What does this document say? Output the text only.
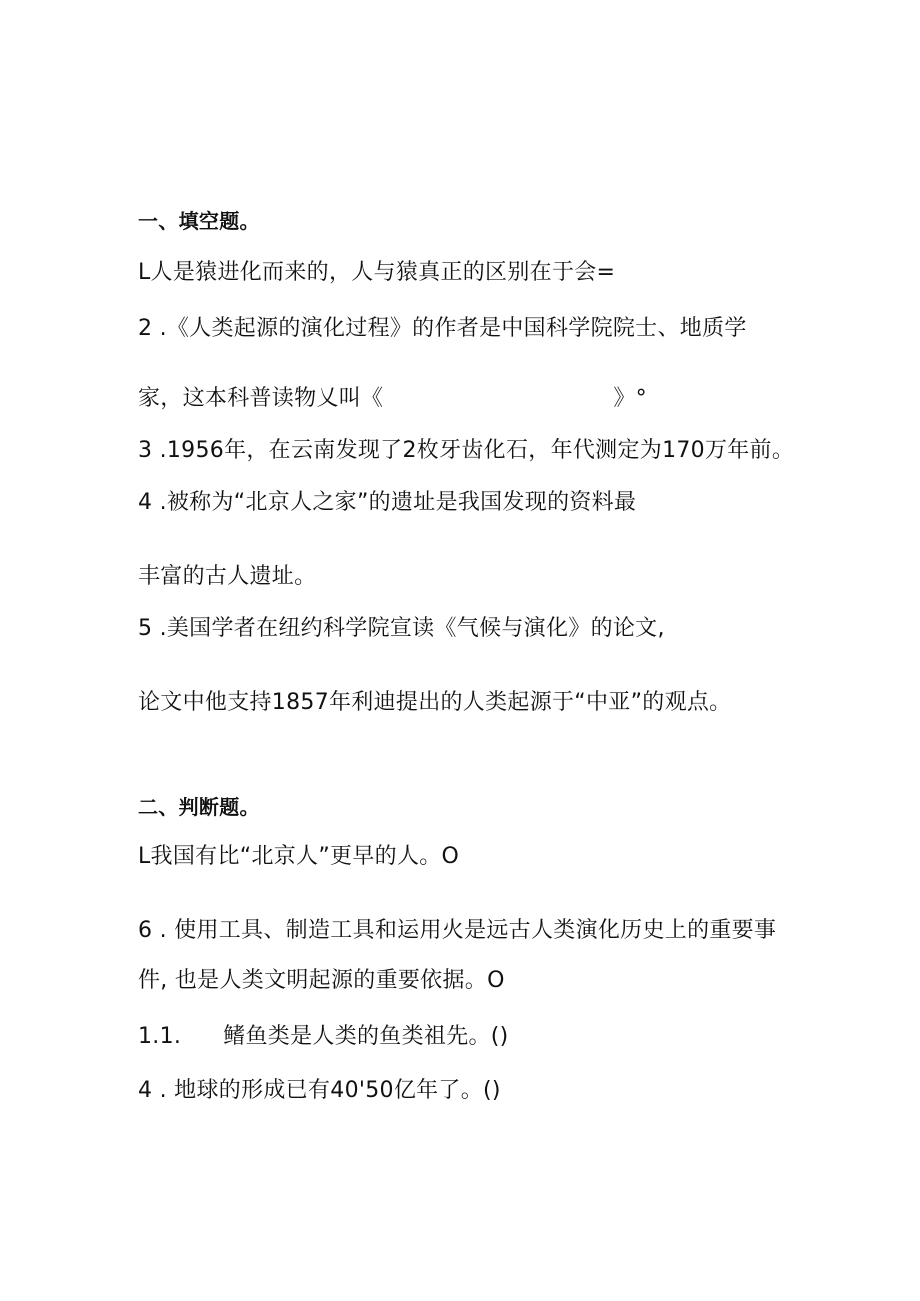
一、填空题。
L人是猿进化而来的，人与猿真正的区别在于会=
2 .《人类起源的演化过程》的作者是中国科学院院士、地质学
家，这本科普读物乂叫《	》°
3 .1956年，在云南发现了2枚牙齿化石，年代测定为170万年前。
4 .被称为“北京人之家”的遗址是我国发现的资料最
丰富的古人遗址。
5 .美国学者在纽约科学院宣读《气候与演化》的论文,
论文中他支持1857年利迪提出的人类起源于“中亚”的观点。
二、判断题。
L我国有比“北京人”更早的人。O
6 . 使用工具、制造工具和运用火是远古人类演化历史上的重要事
件, 也是人类文明起源的重要依据。O
1.1. 鳍鱼类是人类的鱼类祖先。()
4 . 地球的形成已有40'50亿年了。()
